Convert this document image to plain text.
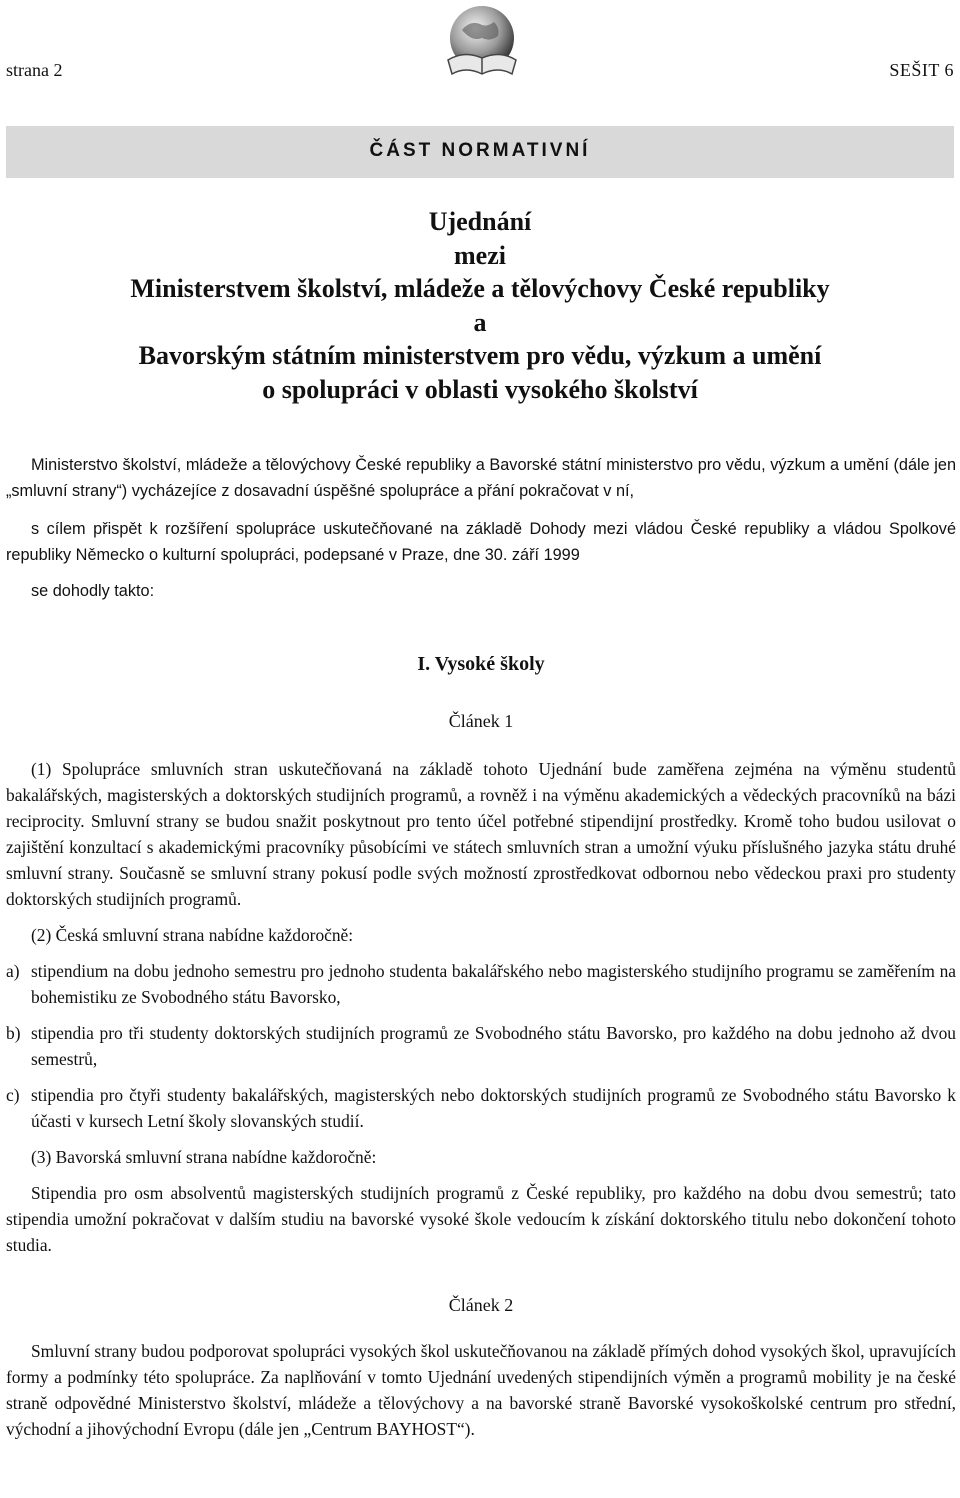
strana 2	SEŠIT 6
ČÁST NORMATIVNÍ
Ujednání
mezi
Ministerstvem školství, mládeže a tělovýchovy České republiky
a
Bavorským státním ministerstvem pro vědu, výzkum a umění
o spolupráci v oblasti vysokého školství

Ministerstvo školství, mládeže a tělovýchovy České republiky a Bavorské státní ministerstvo pro vědu, výzkum a umění (dále jen „smluvní strany“) vycházejíce z dosavadní úspěšné spolupráce a přání pokračovat v ní,

s cílem přispět k rozšíření spolupráce uskutečňované na základě Dohody mezi vládou České republiky a vládou Spolkové republiky Německo o kulturní spolupráci, podepsané v Praze, dne 30. září 1999

se dohodly takto:

I. Vysoké školy

Článek 1

(1) Spolupráce smluvních stran uskutečňovaná na základě tohoto Ujednání bude zaměřena zejména na výměnu studentů bakalářských, magisterských a doktorských studijních programů, a rovněž i na výměnu akademických a vědeckých pracovníků na bázi reciprocity. Smluvní strany se budou snažit poskytnout pro tento účel potřebné stipendijní prostředky. Kromě toho budou usilovat o zajištění konzultací s akademickými pracovníky působícími ve státech smluvních stran a umožní výuku příslušného jazyka státu druhé smluvní strany. Současně se smluvní strany pokusí podle svých možností zprostředkovat odbornou nebo vědeckou praxi pro studenty doktorských studijních programů.

(2) Česká smluvní strana nabídne každoročně:

a) stipendium na dobu jednoho semestru pro jednoho studenta bakalářského nebo magisterského studijního programu se zaměřením na bohemistiku ze Svobodného státu Bavorsko,
b) stipendia pro tři studenty doktorských studijních programů ze Svobodného státu Bavorsko, pro každého na dobu jednoho až dvou semestrů,
c) stipendia pro čtyři studenty bakalářských, magisterských nebo doktorských studijních programů ze Svobodného státu Bavorsko k účasti v kursech Letní školy slovanských studií.

(3) Bavorská smluvní strana nabídne každoročně:

Stipendia pro osm absolventů magisterských studijních programů z České republiky, pro každého na dobu dvou semestrů; tato stipendia umožní pokračovat v dalším studiu na bavorské vysoké škole vedoucím k získání doktorského titulu nebo dokončení tohoto studia.

Článek 2

Smluvní strany budou podporovat spolupráci vysokých škol uskutečňovanou na základě přímých dohod vysokých škol, upravujících formy a podmínky této spolupráce. Za naplňování v tomto Ujednání uvedených stipendijních výměn a programů mobility je na české straně odpovědné Ministerstvo školství, mládeže a tělovýchovy a na bavorské straně Bavorské vysokoškolské centrum pro střední, východní a jihovýchodní Evropu (dále jen „Centrum BAYHOST“).
